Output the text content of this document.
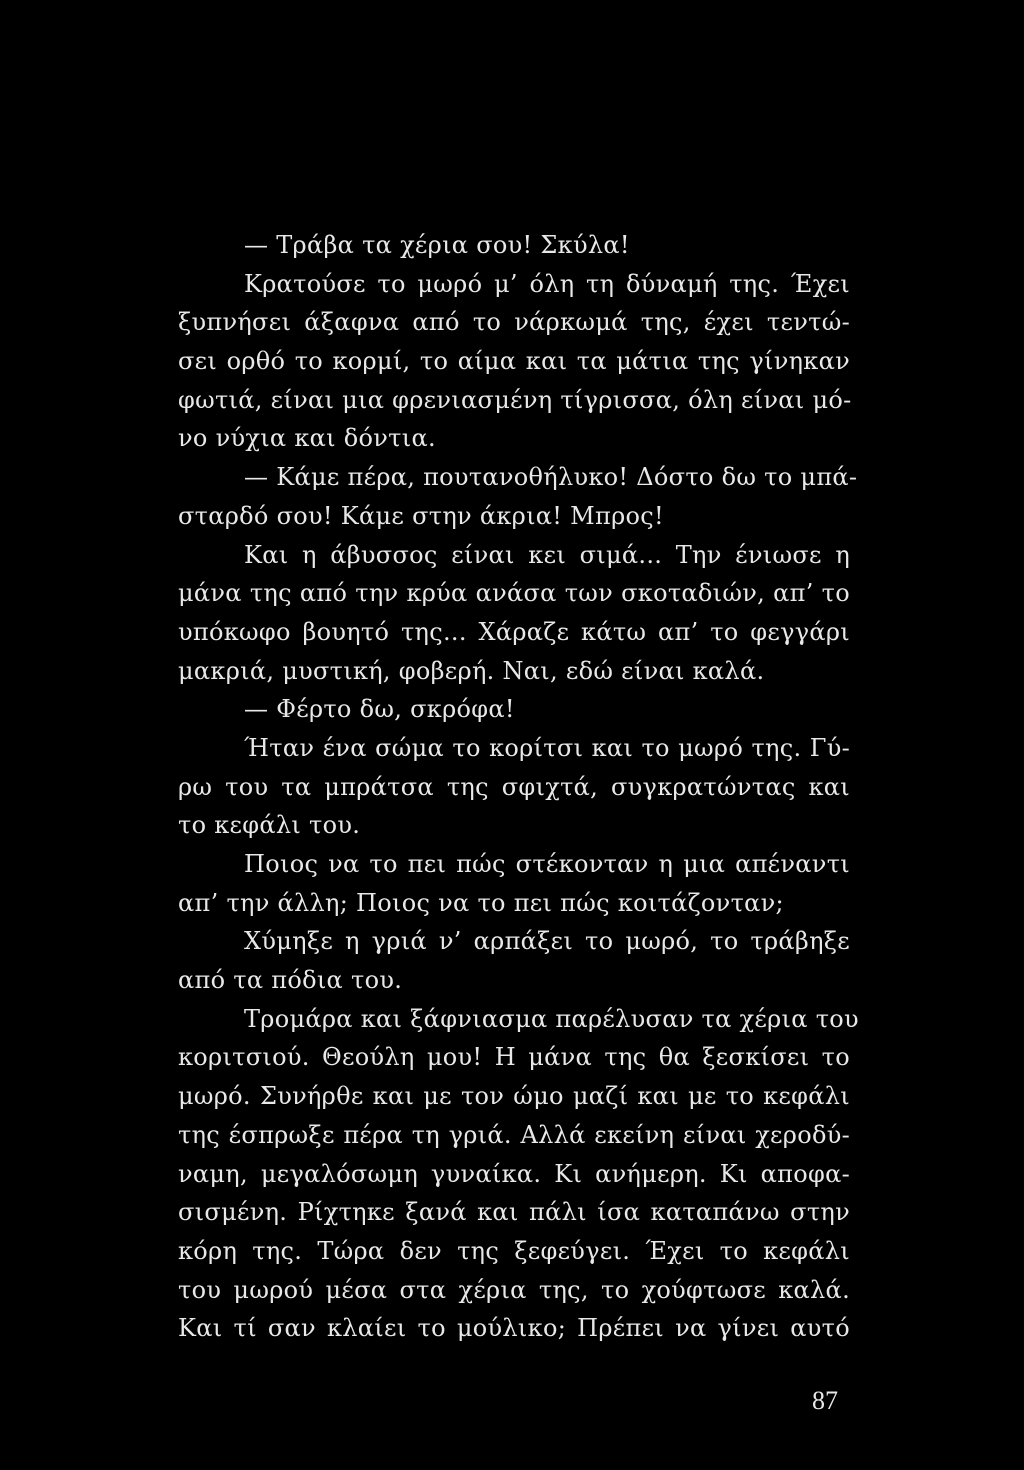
— Τράβα τα χέρια σου! Σκύλα!
Κρατούσε το μωρό μ’ όλη τη δύναμή της. Έχει
ξυπνήσει άξαφνα από το νάρκωμά της, έχει τεντώ-
σει ορθό το κορμί, το αίμα και τα μάτια της γίνηκαν
φωτιά, είναι μια φρενιασμένη τίγρισσα, όλη είναι μό-
νο νύχια και δόντια.
— Κάμε πέρα, πουτανοθήλυκο! Δόστο δω το μπά-
σταρδό σου! Κάμε στην άκρια! Μπρος!
Και η άβυσσος είναι κει σιμά... Την ένιωσε η
μάνα της από την κρύα ανάσα των σκοταδιών, απ’ το
υπόκωφο βουητό της... Χάραζε κάτω απ’ το φεγγάρι
μακριά, μυστική, φοβερή. Ναι, εδώ είναι καλά.
— Φέρτο δω, σκρόφα!
Ήταν ένα σώμα το κορίτσι και το μωρό της. Γύ-
ρω του τα μπράτσα της σφιχτά, συγκρατώντας και
το κεφάλι του.
Ποιος να το πει πώς στέκονταν η μια απέναντι
απ’ την άλλη; Ποιος να το πει πώς κοιτάζονταν;
Χύμηξε η γριά ν’ αρπάξει το μωρό, το τράβηξε
από τα πόδια του.
Τρομάρα και ξάφνιασμα παρέλυσαν τα χέρια του
κοριτσιού. Θεούλη μου! Η μάνα της θα ξεσκίσει το
μωρό. Συνήρθε και με τον ώμο μαζί και με το κεφάλι
της έσπρωξε πέρα τη γριά. Αλλά εκείνη είναι χεροδύ-
ναμη, μεγαλόσωμη γυναίκα. Κι ανήμερη. Κι αποφα-
σισμένη. Ρίχτηκε ξανά και πάλι ίσα καταπάνω στην
κόρη της. Τώρα δεν της ξεφεύγει. Έχει το κεφάλι
του μωρού μέσα στα χέρια της, το χούφτωσε καλά.
Και τί σαν κλαίει το μούλικο; Πρέπει να γίνει αυτό
87
